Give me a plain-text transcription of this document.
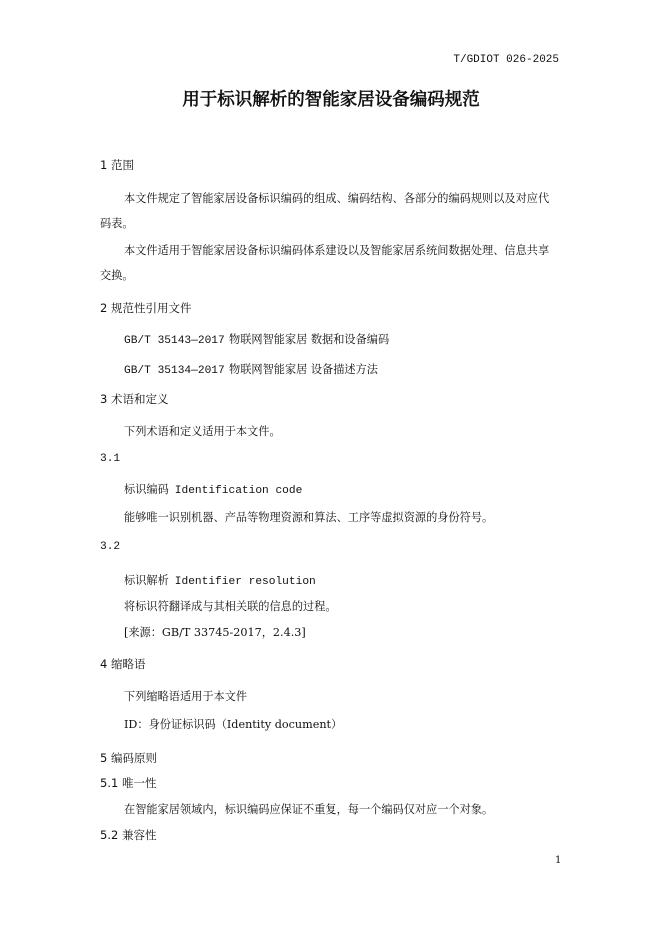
T/GDIOT 026-2025
用于标识解析的智能家居设备编码规范
1 范围
本文件规定了智能家居设备标识编码的组成、编码结构、各部分的编码规则以及对应代
码表。
本文件适用于智能家居设备标识编码体系建设以及智能家居系统间数据处理、信息共享
交换。
2 规范性引用文件
GB/T 35143—2017 物联网智能家居 数据和设备编码
GB/T 35134—2017 物联网智能家居 设备描述方法
3 术语和定义
下列术语和定义适用于本文件。
3.1
标识编码 Identification code
能够唯一识别机器、产品等物理资源和算法、工序等虚拟资源的身份符号。
3.2
标识解析 Identifier resolution
将标识符翻译成与其相关联的信息的过程。
[来源：GB/T 33745-2017，2.4.3]
4 缩略语
下列缩略语适用于本文件
ID：身份证标识码（Identity document）
5 编码原则
5.1 唯一性
在智能家居领域内，标识编码应保证不重复，每一个编码仅对应一个对象。
5.2 兼容性
1
